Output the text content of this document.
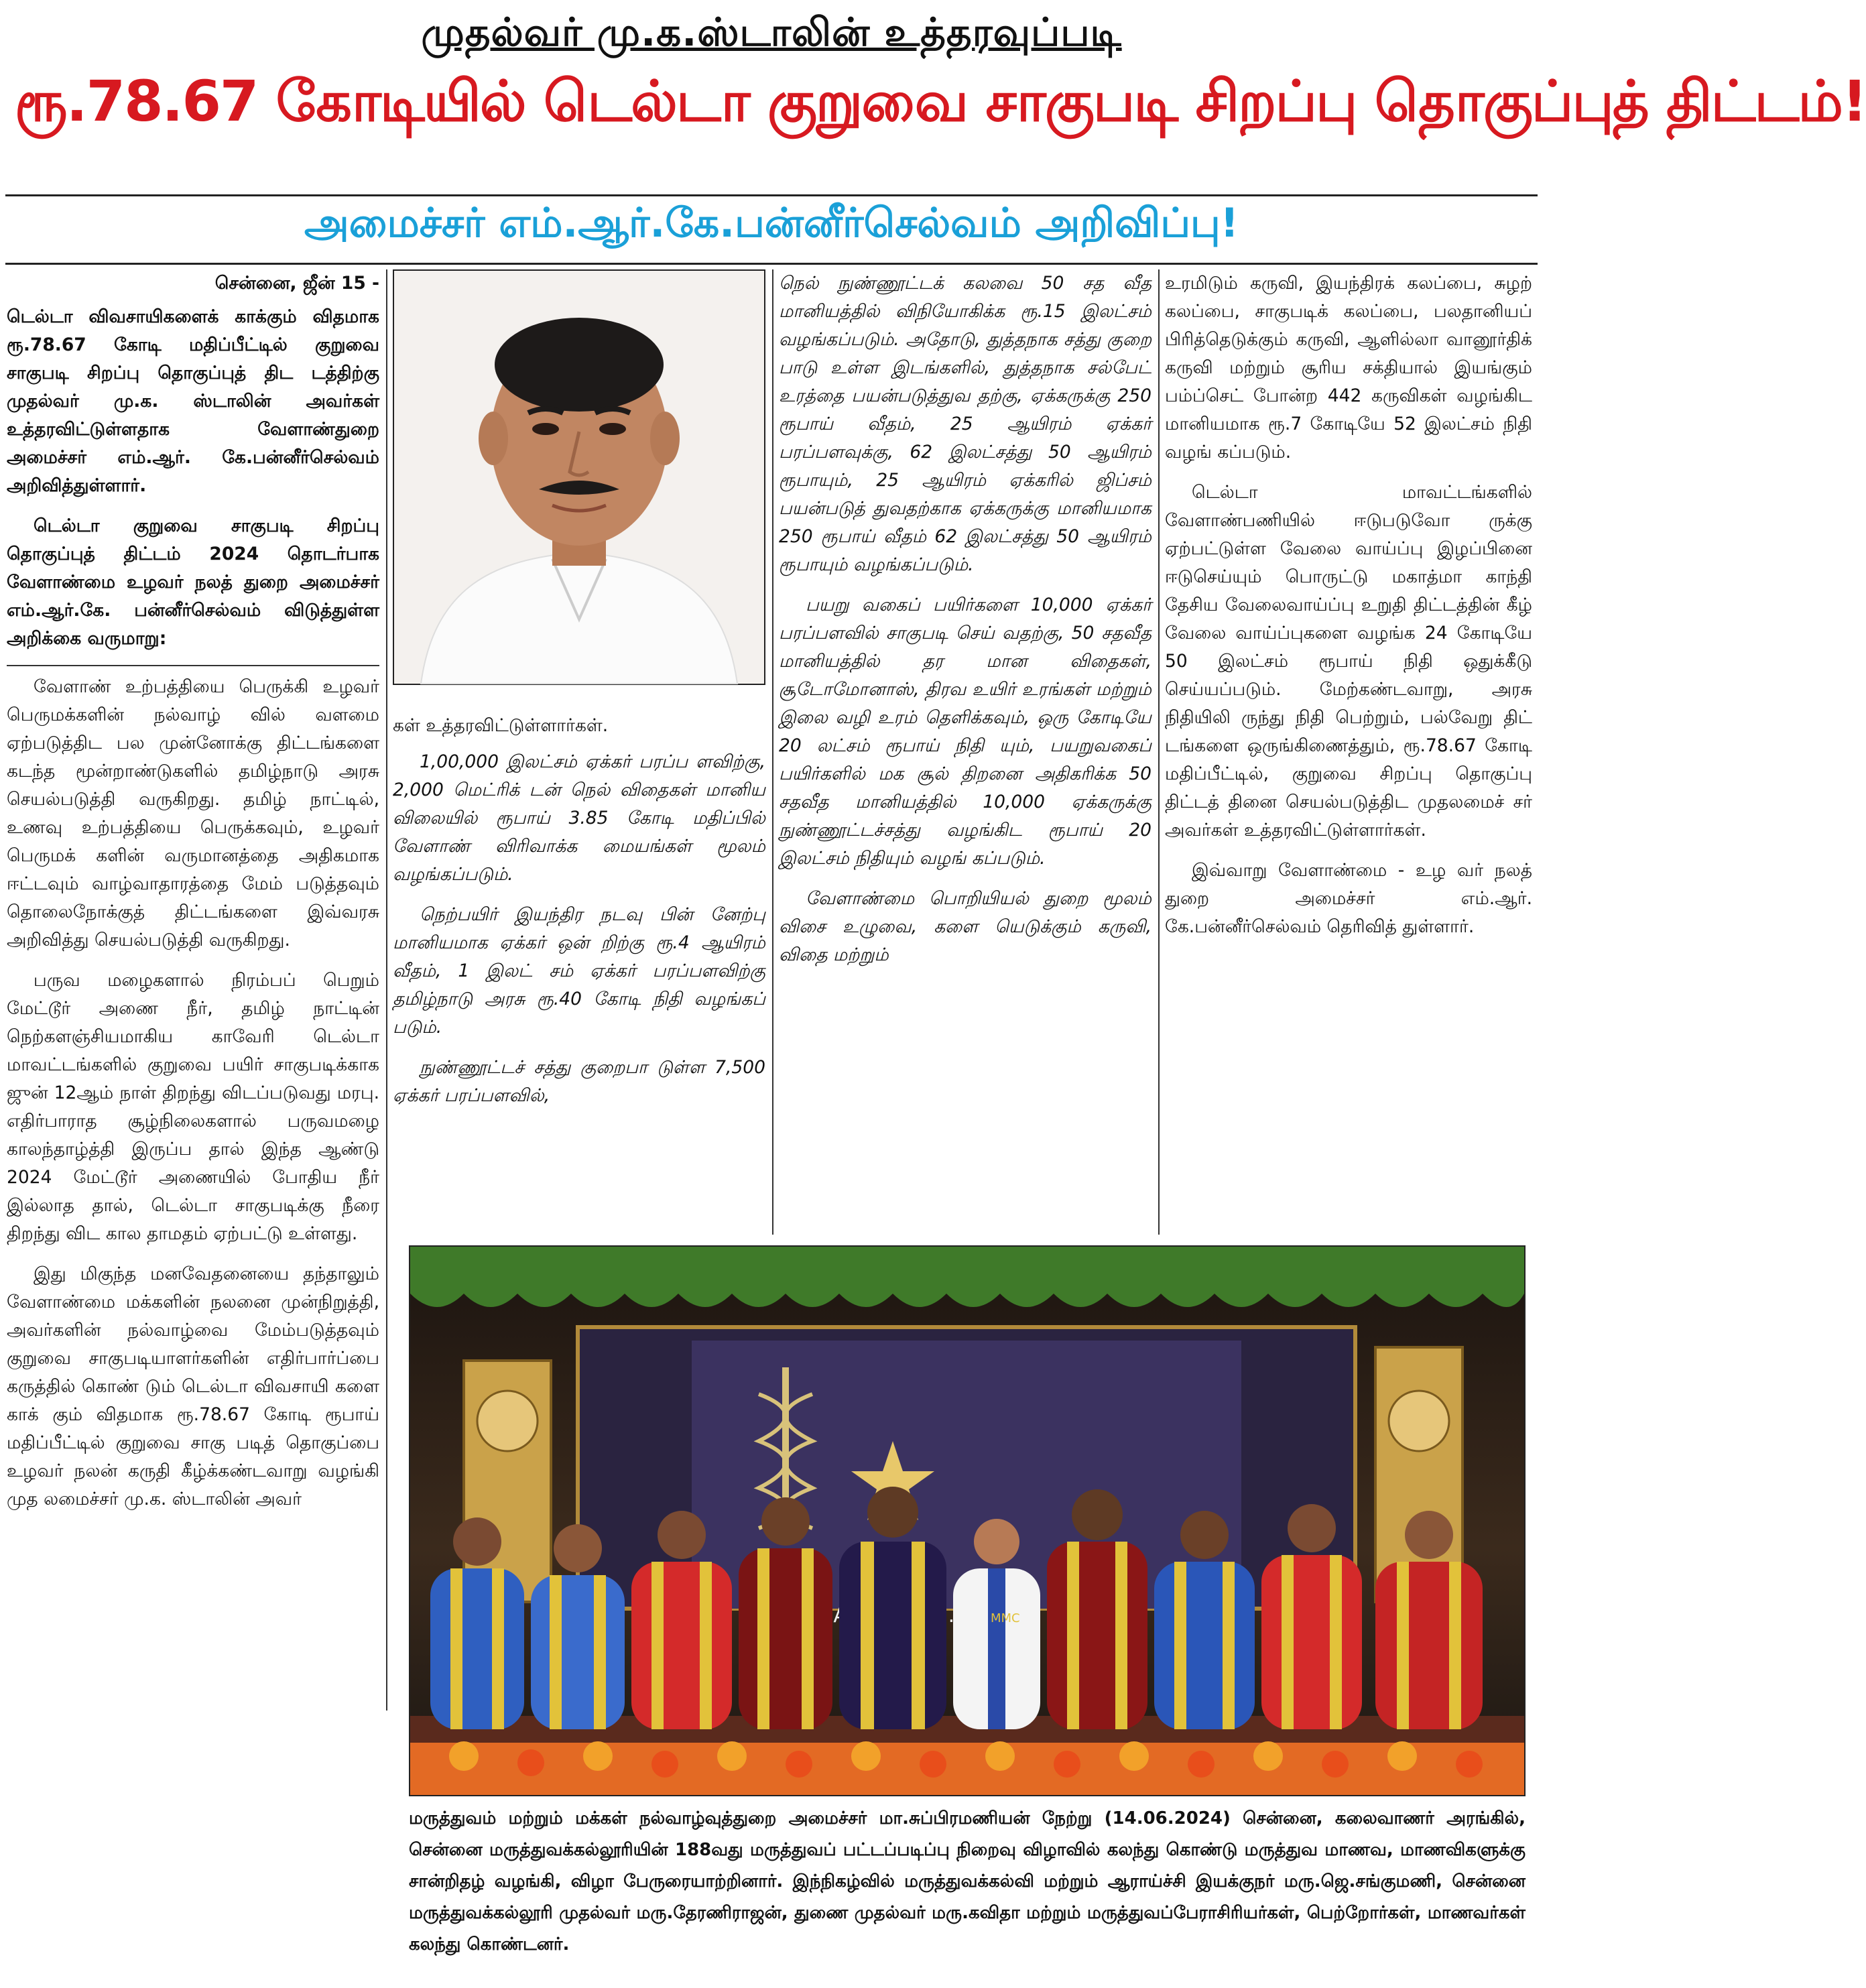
முதல்வர் மு.க.ஸ்டாலின் உத்தரவுப்படி
ரூ.78.67 கோடியில் டெல்டா குறுவை சாகுபடி சிறப்பு தொகுப்புத் திட்டம்!
அமைச்சர் எம்.ஆர்.கே.பன்னீர்செல்வம் அறிவிப்பு!
சென்னை, ஜீன் 15 -

டெல்டா விவசாயிகளைக் காக்கும் விதமாக ரூ.78.67 கோடி மதிப்பீட்டில் குறுவை சாகுபடி சிறப்பு தொகுப்புத் திட டத்திற்கு முதல்வர் மு.க. ஸ்டாலின் அவர்கள் உத்தரவிட்டுள்ளதாக வேளாண்துறை அமைச்சர் எம்.ஆர். கே.பன்னீர்செல்வம் அறிவித்துள்ளார்.

டெல்டா குறுவை சாகுபடி சிறப்பு தொகுப்புத் திட்டம் 2024 தொடர்பாக வேளாண்மை உழவர் நலத் துறை அமைச்சர் எம்.ஆர்.கே. பன்னீர்செல்வம் விடுத்துள்ள அறிக்கை வருமாறு:

வேளாண் உற்பத்தியை பெருக்கி உழவர் பெருமக்களின் நல்வாழ் வில் வளமை ஏற்படுத்திட பல முன்னோக்கு திட்டங்களை கடந்த மூன்றாண்டுகளில் தமிழ்நாடு அரசு செயல்படுத்தி வருகிறது. தமிழ் நாட்டில், உணவு உற்பத்தியை பெருக்கவும், உழவர் பெருமக் களின் வருமானத்தை அதிகமாக ஈட்டவும் வாழ்வாதாரத்தை மேம் படுத்தவும் தொலைநோக்குத் திட்டங்களை இவ்வரசு அறிவித்து செயல்படுத்தி வருகிறது.

பருவ மழைகளால் நிரம்பப் பெறும் மேட்டூர் அணை நீர், தமிழ் நாட்டின் நெற்களஞ்சியமாகிய காவேரி டெல்டா மாவட்டங்களில் குறுவை பயிர் சாகுபடிக்காக ஜுன் 12ஆம் நாள் திறந்து விடப்படுவது மரபு. எதிர்பாராத சூழ்நிலைகளால் பருவமழை காலந்தாழ்த்தி இருப்ப தால் இந்த ஆண்டு 2024 மேட்டூர் அணையில் போதிய நீர் இல்லாத தால், டெல்டா சாகுபடிக்கு நீரை திறந்து விட கால தாமதம் ஏற்பட்டு உள்ளது.

இது மிகுந்த மனவேதனையை தந்தாலும் வேளாண்மை மக்களின் நலனை முன்நிறுத்தி, அவர்களின் நல்வாழ்வை மேம்படுத்தவும் குறுவை சாகுபடியாளர்களின் எதிர்பார்ப்பை கருத்தில் கொண் டும் டெல்டா விவசாயி களை காக் கும் விதமாக ரூ.78.67 கோடி ரூபாய் மதிப்பீட்டில் குறுவை சாகு படித் தொகுப்பை உழவர் நலன் கருதி கீழ்க்கண்டவாறு வழங்கி முத லமைச்சர் மு.க. ஸ்டாலின் அவர்

கள் உத்தரவிட்டுள்ளார்கள்.

1,00,000 இலட்சம் ஏக்கர் பரப்ப ளவிற்கு, 2,000 மெட்ரிக் டன் நெல் விதைகள் மானிய விலையில் ரூபாய் 3.85 கோடி மதிப்பில் வேளாண் விரிவாக்க மையங்கள் மூலம் வழங்கப்படும்.

நெற்பயிர் இயந்திர நடவு பின் னேற்பு மானியமாக ஏக்கர் ஒன் றிற்கு ரூ.4 ஆயிரம் வீதம், 1 இலட் சம் ஏக்கர் பரப்பளவிற்கு தமிழ்நாடு அரசு ரூ.40 கோடி நிதி வழங்கப் படும்.

நுண்ணூட்டச் சத்து குறைபா டுள்ள 7,500 ஏக்கர் பரப்பளவில்,

நெல் நுண்ணூட்டக் கலவை 50 சத வீத மானியத்தில் விநியோகிக்க ரூ.15 இலட்சம் வழங்கப்படும். அதோடு, துத்தநாக சத்து குறை பாடு உள்ள இடங்களில், துத்தநாக சல்பேட் உரத்தை பயன்படுத்துவ தற்கு, ஏக்கருக்கு 250 ரூபாய் வீதம், 25 ஆயிரம் ஏக்கர் பரப்பளவுக்கு, 62 இலட்சத்து 50 ஆயிரம் ரூபாயும், 25 ஆயிரம் ஏக்கரில் ஜிப்சம் பயன்படுத் துவதற்காக ஏக்கருக்கு மானியமாக 250 ரூபாய் வீதம் 62 இலட்சத்து 50 ஆயிரம் ரூபாயும் வழங்கப்படும்.

பயறு வகைப் பயிர்களை 10,000 ஏக்கர் பரப்பளவில் சாகுபடி செய் வதற்கு, 50 சதவீத மானியத்தில் தர மான விதைகள், சூடோமோனாஸ், திரவ உயிர் உரங்கள் மற்றும் இலை வழி உரம் தெளிக்கவும், ஒரு கோடியே 20 லட்சம் ரூபாய் நிதி யும், பயறுவகைப் பயிர்களில் மக சூல் திறனை அதிகரிக்க 50 சதவீத மானியத்தில் 10,000 ஏக்கருக்கு நுண்ணூட்டச்சத்து வழங்கிட ரூபாய் 20 இலட்சம் நிதியும் வழங் கப்படும்.

வேளாண்மை பொறியியல் துறை மூலம் விசை உழுவை, களை யெடுக்கும் கருவி, விதை மற்றும்

உரமிடும் கருவி, இயந்திரக் கலப்பை, சுழற் கலப்பை, சாகுபடிக் கலப்பை, பலதானியப் பிரித்தெடுக்கும் கருவி, ஆளில்லா வானூர்திக் கருவி மற்றும் சூரிய சக்தியால் இயங்கும் பம்ப்செட் போன்ற 442 கருவிகள் வழங்கிட மானியமாக ரூ.7 கோடியே 52 இலட்சம் நிதி வழங் கப்படும்.

டெல்டா மாவட்டங்களில் வேளாண்பணியில் ஈடுபடுவோ ருக்கு ஏற்பட்டுள்ள வேலை வாய்ப்பு இழப்பினை ஈடுசெய்யும் பொருட்டு மகாத்மா காந்தி தேசிய வேலைவாய்ப்பு உறுதி திட்டத்தின் கீழ் வேலை வாய்ப்புகளை வழங்க 24 கோடியே 50 இலட்சம் ரூபாய் நிதி ஒதுக்கீடு செய்யப்படும். மேற்கண்டவாறு, அரசு நிதியிலி ருந்து நிதி பெற்றும், பல்வேறு திட் டங்களை ஒருங்கிணைத்தும், ரூ.78.67 கோடி மதிப்பீட்டில், குறுவை சிறப்பு தொகுப்பு திட்டத் தினை செயல்படுத்திட முதலமைச் சர் அவர்கள் உத்தரவிட்டுள்ளார்கள்.

இவ்வாறு வேளாண்மை - உழ வர் நலத் துறை அமைச்சர் எம்.ஆர். கே.பன்னீர்செல்வம் தெரிவித் துள்ளார்.

MMC
மருத்துவம் மற்றும் மக்கள் நல்வாழ்வுத்துறை அமைச்சர் மா.சுப்பிரமணியன் நேற்று (14.06.2024) சென்னை, கலைவாணர் அரங்கில், சென்னை மருத்துவக்கல்லூரியின் 188வது மருத்துவப் பட்டப்படிப்பு நிறைவு விழாவில் கலந்து கொண்டு மருத்துவ மாணவ, மாணவிகளுக்கு சான்றிதழ் வழங்கி, விழா பேருரையாற்றினார். இந்நிகழ்வில் மருத்துவக்கல்வி மற்றும் ஆராய்ச்சி இயக்குநர் மரு.ஜெ.சங்குமணி, சென்னை மருத்துவக்கல்லூரி முதல்வர் மரு.தேரணிராஜன், துணை முதல்வர் மரு.கவிதா மற்றும் மருத்துவப்பேராசிரியர்கள், பெற்றோர்கள், மாணவர்கள் கலந்து கொண்டனர்.
